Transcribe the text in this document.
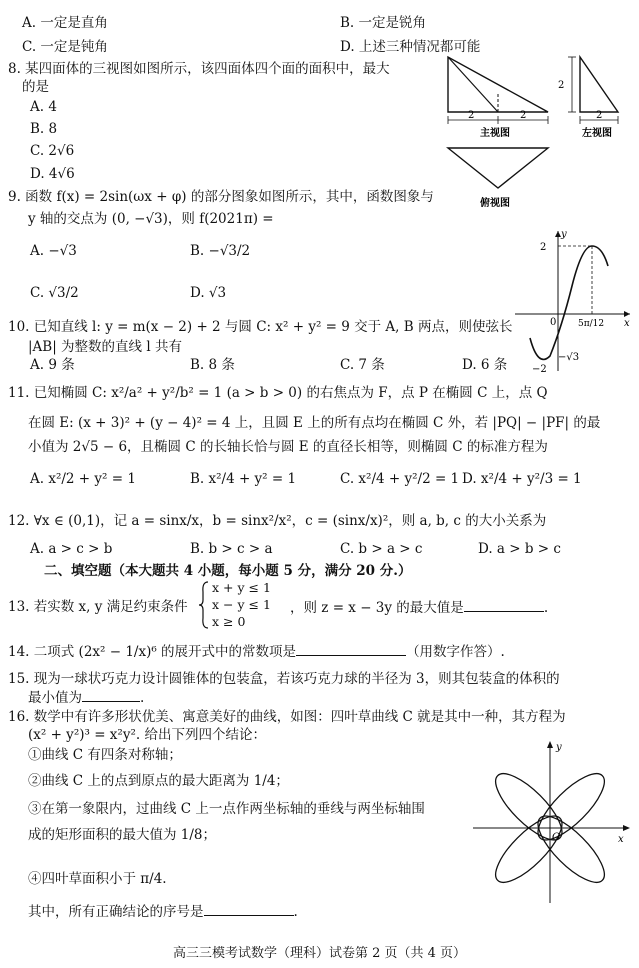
A. 一定是直角	B. 一定是锐角
C. 一定是钝角	D. 上述三种情况都可能
8. 某四面体的三视图如图所示，该四面体四个面的面积中，最大
的是
A. 4
B. 8
C. 2√6
D. 4√6
2	2
主视图
2
2
左视图
俯视图
9. 函数 f(x) = 2sin(ωx + φ) 的部分图象如图所示，其中，函数图象与
y 轴的交点为 (0, −√3)，则 f(2021π) =
A. −√3	B. −√3/2
C. √3/2	D. √3
y
x
2
0 5π/12
−√3
−2
10. 已知直线 l: y = m(x − 2) + 2 与圆 C: x² + y² = 9 交于 A, B 两点，则使弦长
|AB| 为整数的直线 l 共有
A. 9 条	B. 8 条	C. 7 条	D. 6 条
11. 已知椭圆 C: x²/a² + y²/b² = 1 (a > b > 0) 的右焦点为 F，点 P 在椭圆 C 上，点 Q
在圆 E: (x + 3)² + (y − 4)² = 4 上，且圆 E 上的所有点均在椭圆 C 外，若 |PQ| − |PF| 的最
小值为 2√5 − 6，且椭圆 C 的长轴长恰与圆 E 的直径长相等，则椭圆 C 的标准方程为
A. x²/2 + y² = 1	B. x²/4 + y² = 1	C. x²/4 + y²/2 = 1 D. x²/4 + y²/3 = 1
12. ∀x ∈ (0,1)，记 a = sinx/x，b = sinx²/x²，c = (sinx/x)²，则 a, b, c 的大小关系为
A. a > c > b	B. b > c > a	C. b > a > c	D. a > b > c
二、填空题（本大题共 4 小题，每小题 5 分，满分 20 分.）
13. 若实数 x, y 满足约束条件
x + y ≤ 1
x − y ≤ 1
x ≥ 0
，则 z = x − 3y 的最大值是	.
14. 二项式 (2x² − 1/x)⁶ 的展开式中的常数项是	（用数字作答）.
15. 现为一球状巧克力设计圆锥体的包装盒，若该巧克力球的半径为 3，则其包装盒的体积的
最小值为	.
16. 数学中有许多形状优美、寓意美好的曲线，如图：四叶草曲线 C 就是其中一种，其方程为
(x² + y²)³ = x²y². 给出下列四个结论：
①曲线 C 有四条对称轴；
②曲线 C 上的点到原点的最大距离为 1/4；
③在第一象限内，过曲线 C 上一点作两坐标轴的垂线与两坐标轴围
成的矩形面积的最大值为 1/8；
④四叶草面积小于 π/4.
其中，所有正确结论的序号是	.
y
x
O
高三三模考试数学（理科）试卷第 2 页（共 4 页）
